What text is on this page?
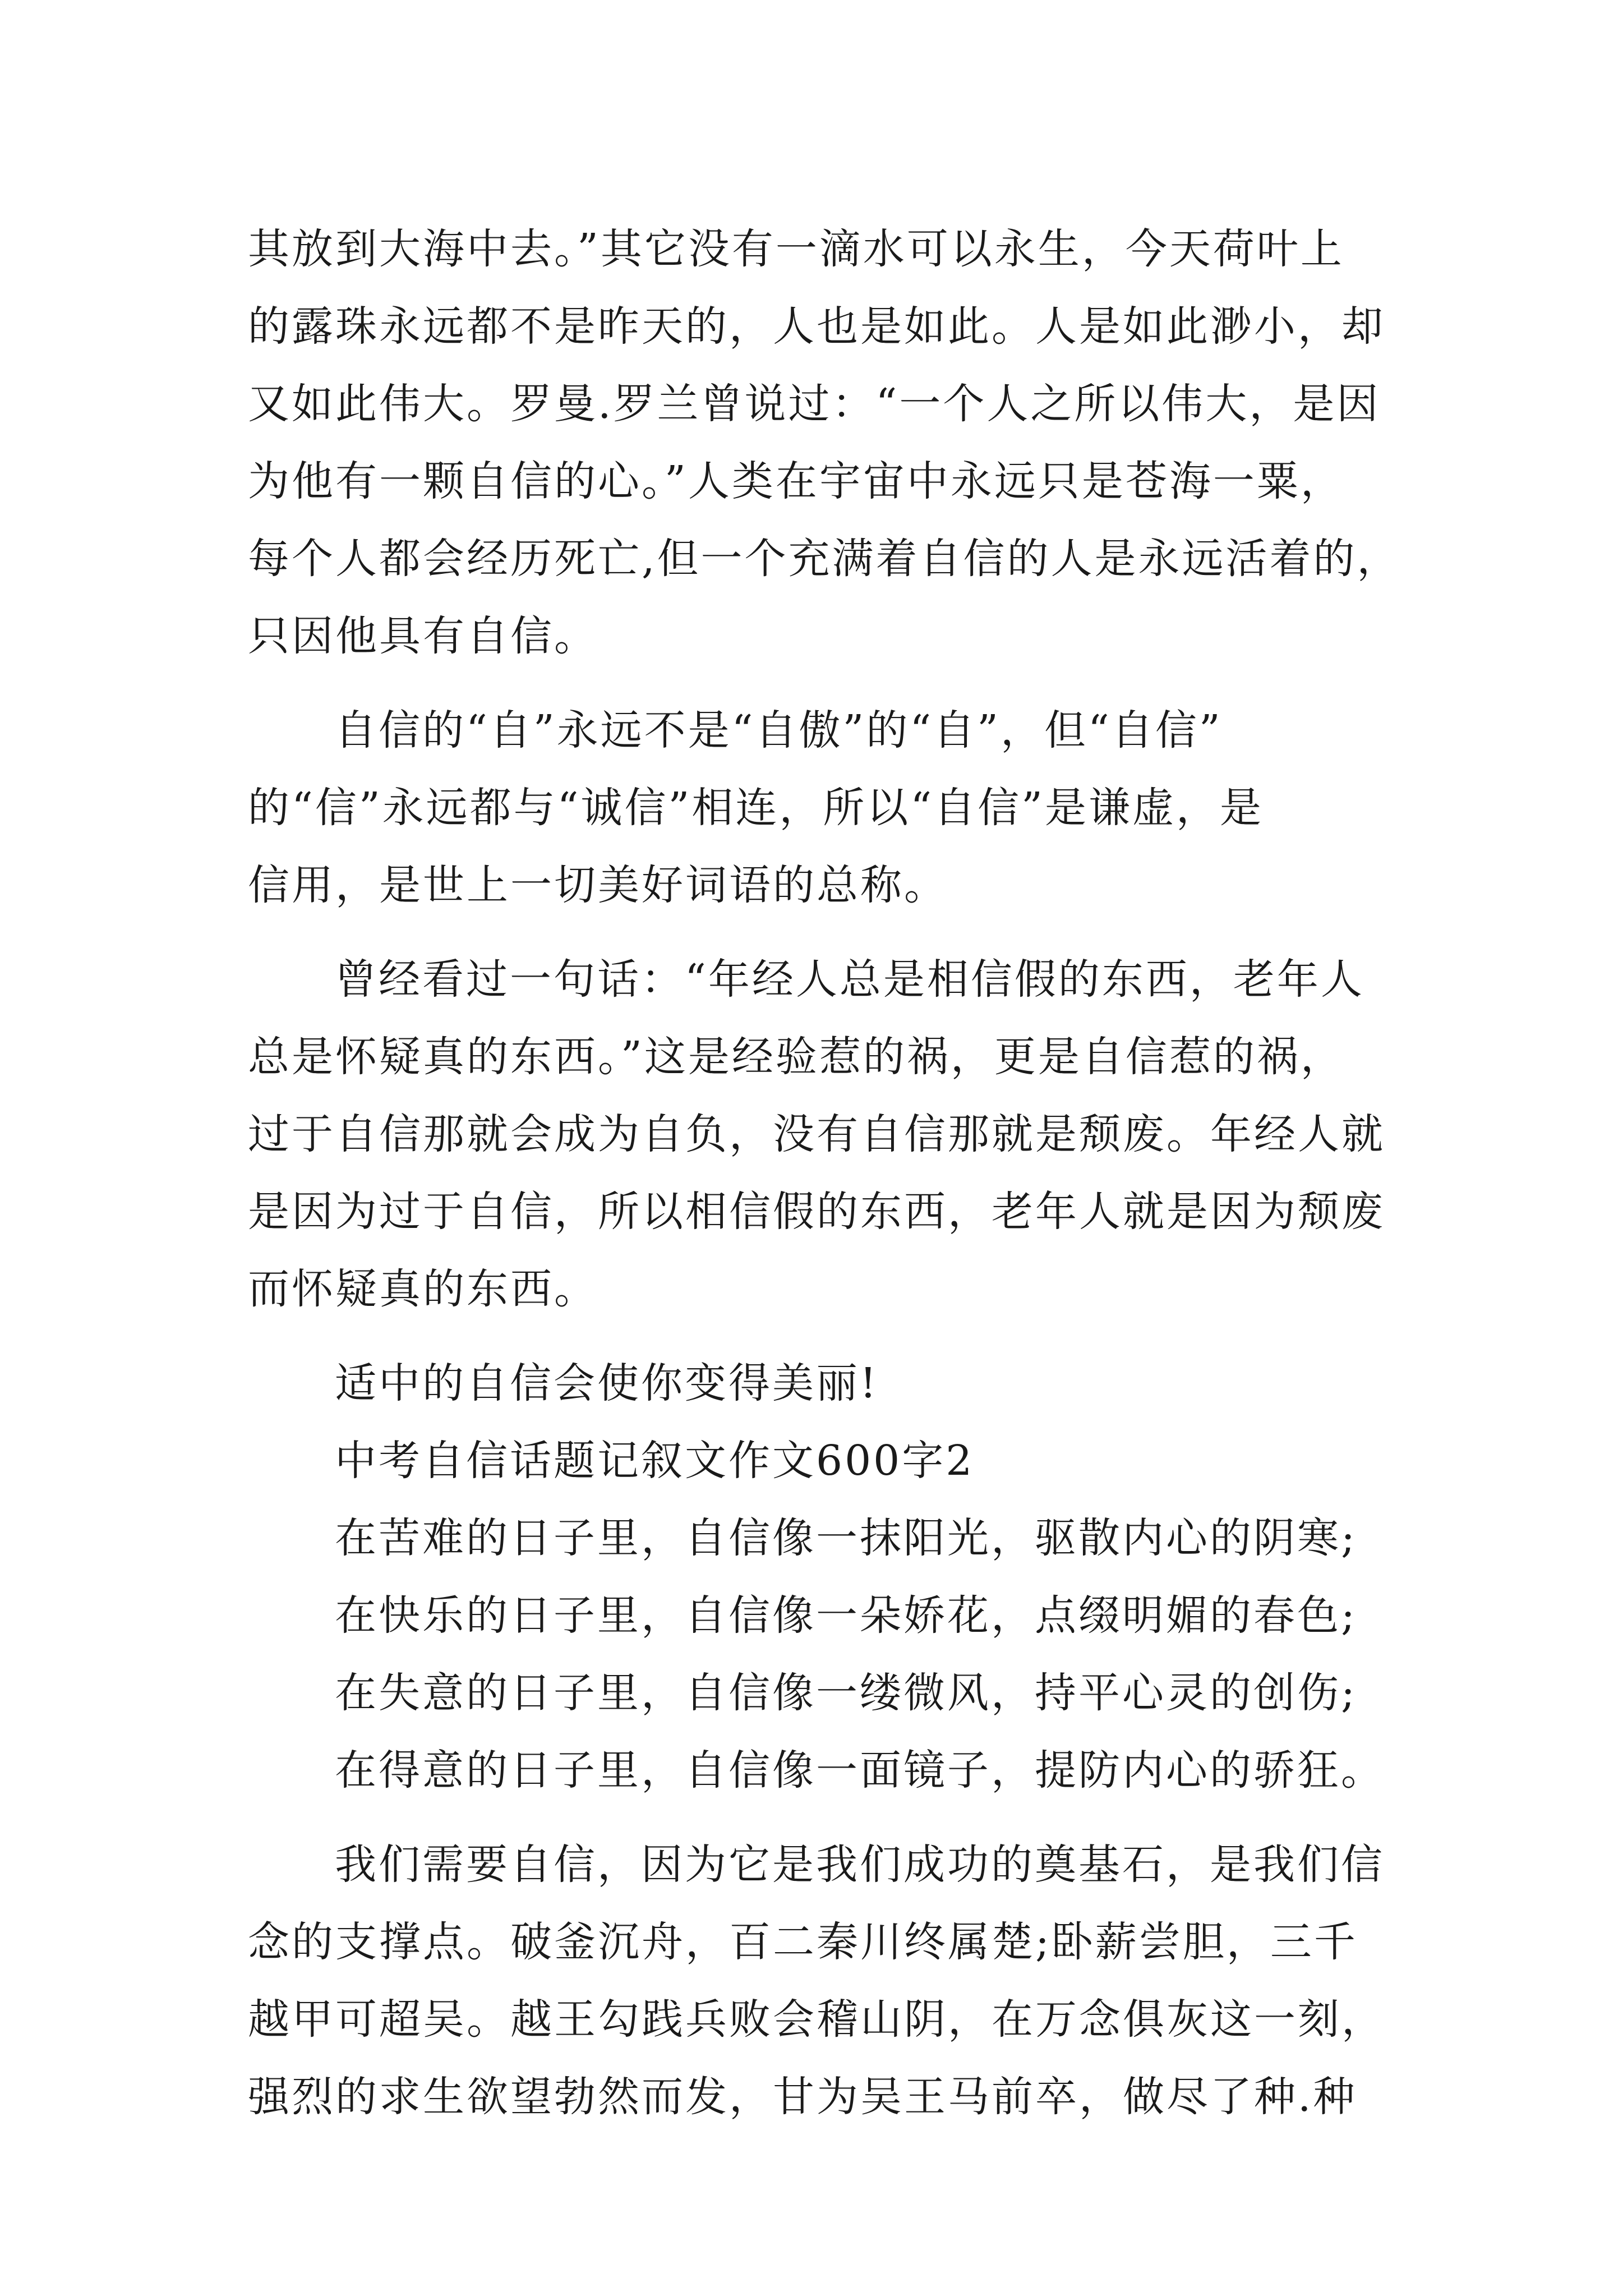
其放到大海中去。”其它没有一滴水可以永生，今天荷叶上
的露珠永远都不是昨天的，人也是如此。人是如此渺小，却
又如此伟大。罗曼.罗兰曾说过：“一个人之所以伟大，是因
为他有一颗自信的心。”人类在宇宙中永远只是苍海一粟，
每个人都会经历死亡,但一个充满着自信的人是永远活着的，
只因他具有自信。
自信的“自”永远不是“自傲”的“自”，但“自信”
的“信”永远都与“诚信”相连，所以“自信”是谦虚，是
信用，是世上一切美好词语的总称。
曾经看过一句话：“年经人总是相信假的东西，老年人
总是怀疑真的东西。”这是经验惹的祸，更是自信惹的祸，
过于自信那就会成为自负，没有自信那就是颓废。年经人就
是因为过于自信，所以相信假的东西，老年人就是因为颓废
而怀疑真的东西。
适中的自信会使你变得美丽!
中考自信话题记叙文作文600字2
在苦难的日子里，自信像一抹阳光，驱散内心的阴寒;
在快乐的日子里，自信像一朵娇花，点缀明媚的春色;
在失意的日子里，自信像一缕微风，持平心灵的创伤;
在得意的日子里，自信像一面镜子，提防内心的骄狂。
我们需要自信，因为它是我们成功的奠基石，是我们信
念的支撑点。破釜沉舟，百二秦川终属楚;卧薪尝胆，三千
越甲可超吴。越王勾践兵败会稽山阴，在万念俱灰这一刻，
强烈的求生欲望勃然而发，甘为吴王马前卒，做尽了种.种
